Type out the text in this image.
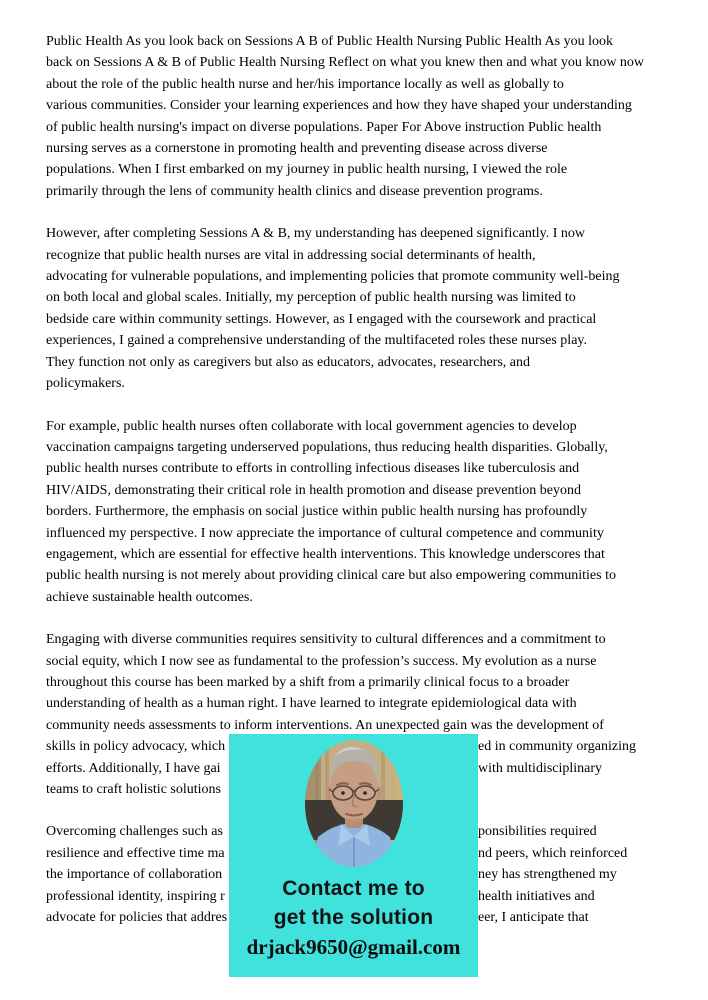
Public Health As you look back on Sessions A B of Public Health Nursing Public Health As you look
back on Sessions A & B of Public Health Nursing Reflect on what you knew then and what you know now
about the role of the public health nurse and her/his importance locally as well as globally to
various communities. Consider your learning experiences and how they have shaped your understanding
of public health nursing's impact on diverse populations. Paper For Above instruction Public health
nursing serves as a cornerstone in promoting health and preventing disease across diverse
populations. When I first embarked on my journey in public health nursing, I viewed the role
primarily through the lens of community health clinics and disease prevention programs.
However, after completing Sessions A & B, my understanding has deepened significantly. I now
recognize that public health nurses are vital in addressing social determinants of health,
advocating for vulnerable populations, and implementing policies that promote community well-being
on both local and global scales. Initially, my perception of public health nursing was limited to
bedside care within community settings. However, as I engaged with the coursework and practical
experiences, I gained a comprehensive understanding of the multifaceted roles these nurses play.
They function not only as caregivers but also as educators, advocates, researchers, and
policymakers.
For example, public health nurses often collaborate with local government agencies to develop
vaccination campaigns targeting underserved populations, thus reducing health disparities. Globally,
public health nurses contribute to efforts in controlling infectious diseases like tuberculosis and
HIV/AIDS, demonstrating their critical role in health promotion and disease prevention beyond
borders. Furthermore, the emphasis on social justice within public health nursing has profoundly
influenced my perspective. I now appreciate the importance of cultural competence and community
engagement, which are essential for effective health interventions. This knowledge underscores that
public health nursing is not merely about providing clinical care but also empowering communities to
achieve sustainable health outcomes.
Engaging with diverse communities requires sensitivity to cultural differences and a commitment to
social equity, which I now see as fundamental to the profession’s success. My evolution as a nurse
throughout this course has been marked by a shift from a primarily clinical focus to a broader
understanding of health as a human right. I have learned to integrate epidemiological data with
community needs assessments to inform interventions. An unexpected gain was the development of
skills in policy advocacy, which	ed in community organizing
efforts. Additionally, I have gai	with multidisciplinary
teams to craft holistic solutions
Overcoming challenges such as	ponsibilities required
resilience and effective time ma	nd peers, which reinforced
the importance of collaboration	ney has strengthened my
professional identity, inspiring r	health initiatives and
advocate for policies that addres	eer, I anticipate that
Contact me to
get the solution
drjack9650@gmail.com
